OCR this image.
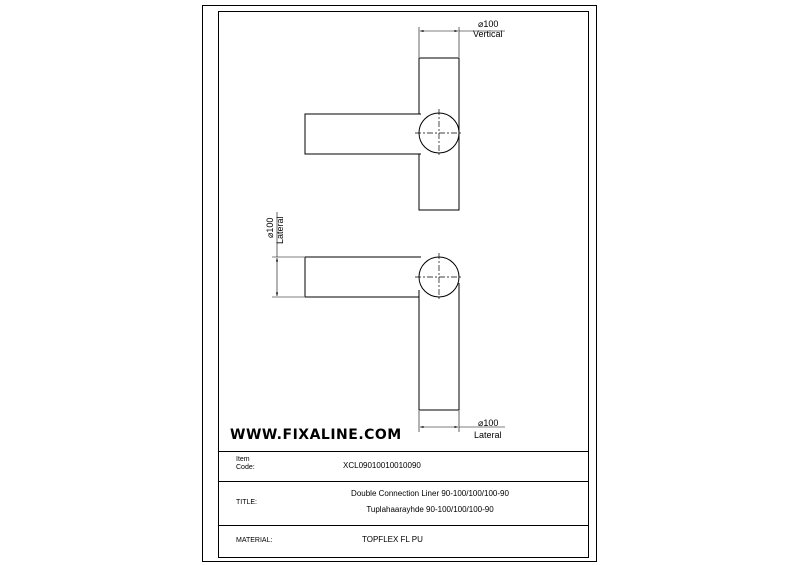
⌀100
Vertical
⌀100 Lateral
⌀100
Lateral
WWW.FIXALINE.COM
Item
Code:	XCL09010010010090
TITLE:
Double Connection Liner 90-100/100/100-90
Tuplahaarayhde 90-100/100/100-90
MATERIAL:	TOPFLEX FL PU
